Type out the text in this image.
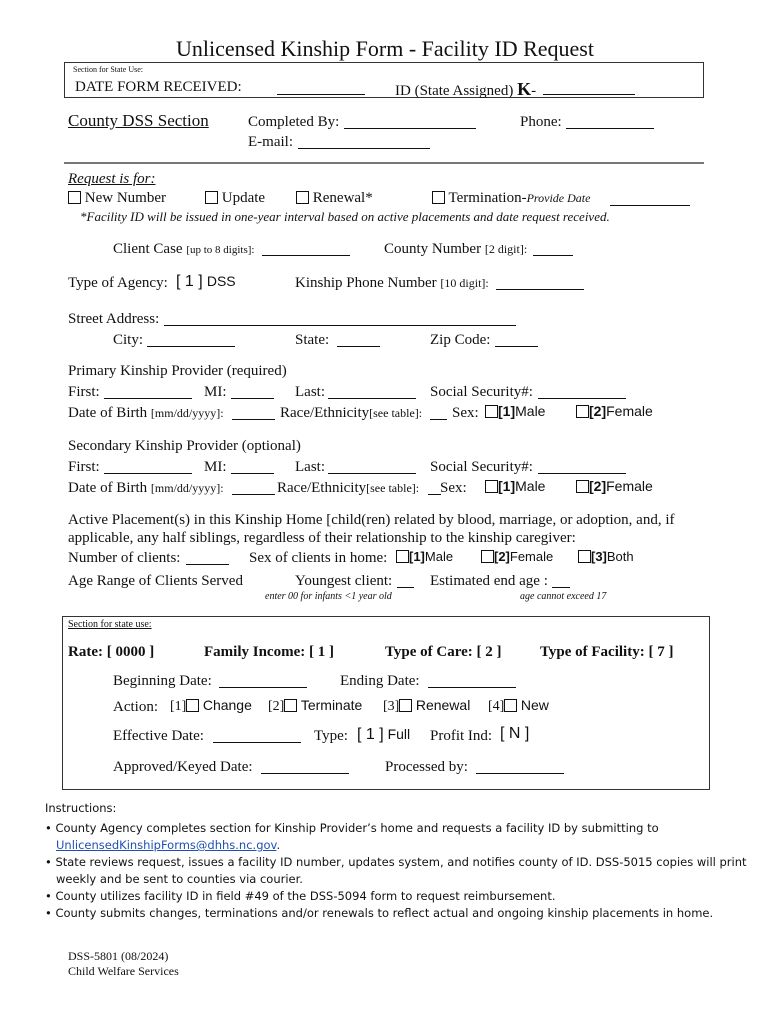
Unlicensed Kinship Form - Facility ID Request
Section for State Use:
DATE FORM RECEIVED:	ID (State Assigned) K-
County DSS Section	Completed By:	Phone:
E-mail:
Request is for:
New Number	Update	Renewal*	Termination-Provide Date
*Facility ID will be issued in one-year interval based on active placements and date request received.
Client Case [up to 8 digits]:	County Number [2 digit]:
Type of Agency: [ 1 ] DSS	Kinship Phone Number [10 digit]:
Street Address:
City:	State:	Zip Code:
Primary Kinship Provider (required)
First:	MI:	Last:	Social Security#:
Date of Birth [mm/dd/yyyy]:	Race/Ethnicity[see table]: Sex:	[1]Male	[2]Female
Secondary Kinship Provider (optional)
First:	MI:	Last:	Social Security#:
Date of Birth [mm/dd/yyyy]:	Race/Ethnicity[see table]: Sex:	[1]Male	[2]Female
Active Placement(s) in this Kinship Home [child(ren) related by blood, marriage, or adoption, and, if
applicable, any half siblings, regardless of their relationship to the kinship caregiver:
Number of clients:	Sex of clients in home:	[1]Male	[2]Female	[3]Both
Age Range of Clients Served	Youngest client:	Estimated end age :
enter 00 for infants <1 year old	age cannot exceed 17
Section for state use:
Rate: [ 0000 ]	Family Income: [ 1 ]	Type of Care: [ 2 ]	Type of Facility: [ 7 ]
Beginning Date:	Ending Date:
Action: [1] Change [2] Terminate [3] Renewal [4] New
Effective Date:	Type: [ 1 ] Full Profit Ind: [ N ]
Approved/Keyed Date:	Processed by:
Instructions:
• County Agency completes section for Kinship Provider’s home and requests a facility ID by submitting to
UnlicensedKinshipForms@dhhs.nc.gov.
• State reviews request, issues a facility ID number, updates system, and notifies county of ID. DSS-5015 copies will print
weekly and be sent to counties via courier.
• County utilizes facility ID in field #49 of the DSS-5094 form to request reimbursement.
• County submits changes, terminations and/or renewals to reflect actual and ongoing kinship placements in home.
DSS-5801 (08/2024)
Child Welfare Services
